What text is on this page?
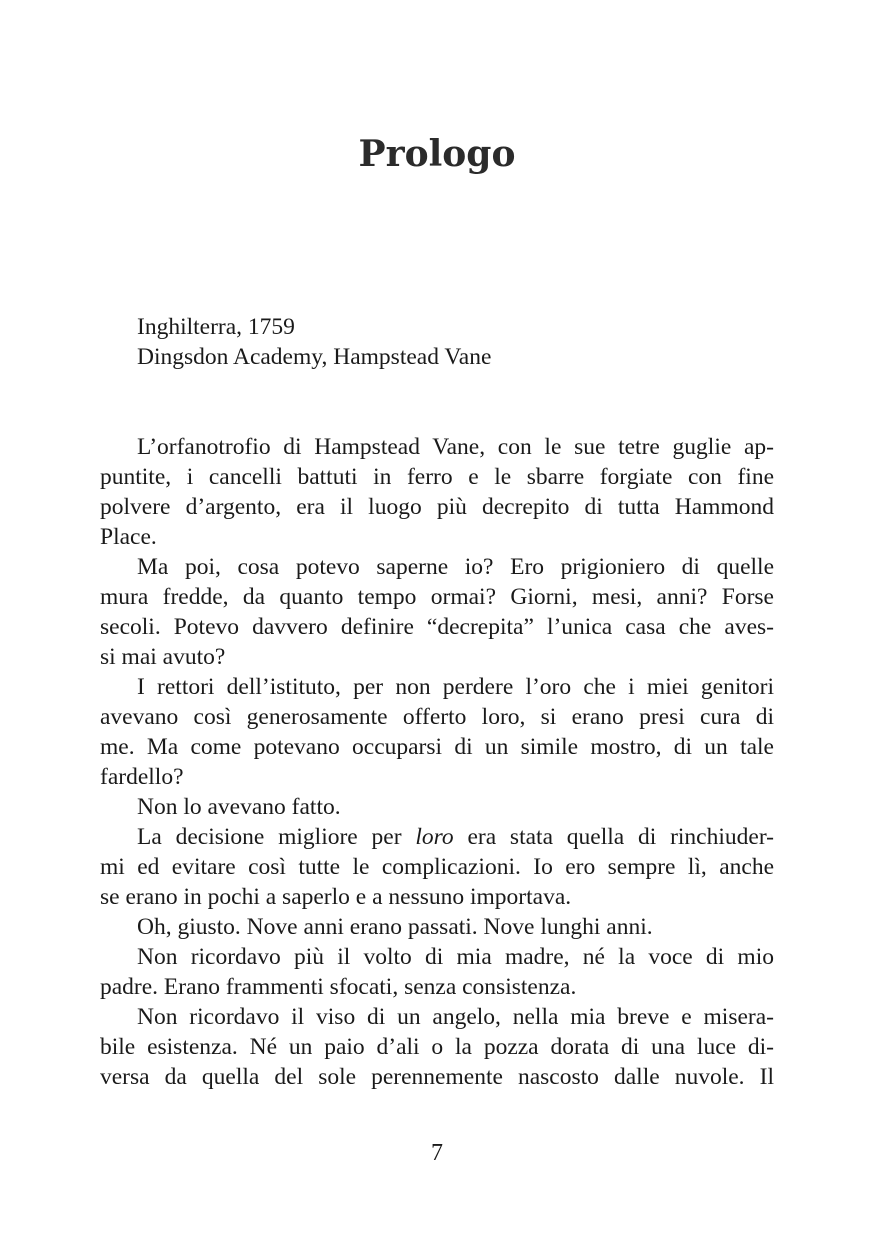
Prologo
Inghilterra, 1759
Dingsdon Academy, Hampstead Vane
L’orfanotrofio di Hampstead Vane, con le sue tetre guglie ap-
puntite, i cancelli battuti in ferro e le sbarre forgiate con fine
polvere d’argento, era il luogo più decrepito di tutta Hammond
Place.
Ma poi, cosa potevo saperne io? Ero prigioniero di quelle
mura fredde, da quanto tempo ormai? Giorni, mesi, anni? Forse
secoli. Potevo davvero definire “decrepita” l’unica casa che aves-
si mai avuto?
I rettori dell’istituto, per non perdere l’oro che i miei genitori
avevano così generosamente offerto loro, si erano presi cura di
me. Ma come potevano occuparsi di un simile mostro, di un tale
fardello?
Non lo avevano fatto.
La decisione migliore per loro era stata quella di rinchiuder-
mi ed evitare così tutte le complicazioni. Io ero sempre lì, anche
se erano in pochi a saperlo e a nessuno importava.
Oh, giusto. Nove anni erano passati. Nove lunghi anni.
Non ricordavo più il volto di mia madre, né la voce di mio
padre. Erano frammenti sfocati, senza consistenza.
Non ricordavo il viso di un angelo, nella mia breve e misera-
bile esistenza. Né un paio d’ali o la pozza dorata di una luce di-
versa da quella del sole perennemente nascosto dalle nuvole. Il
7
